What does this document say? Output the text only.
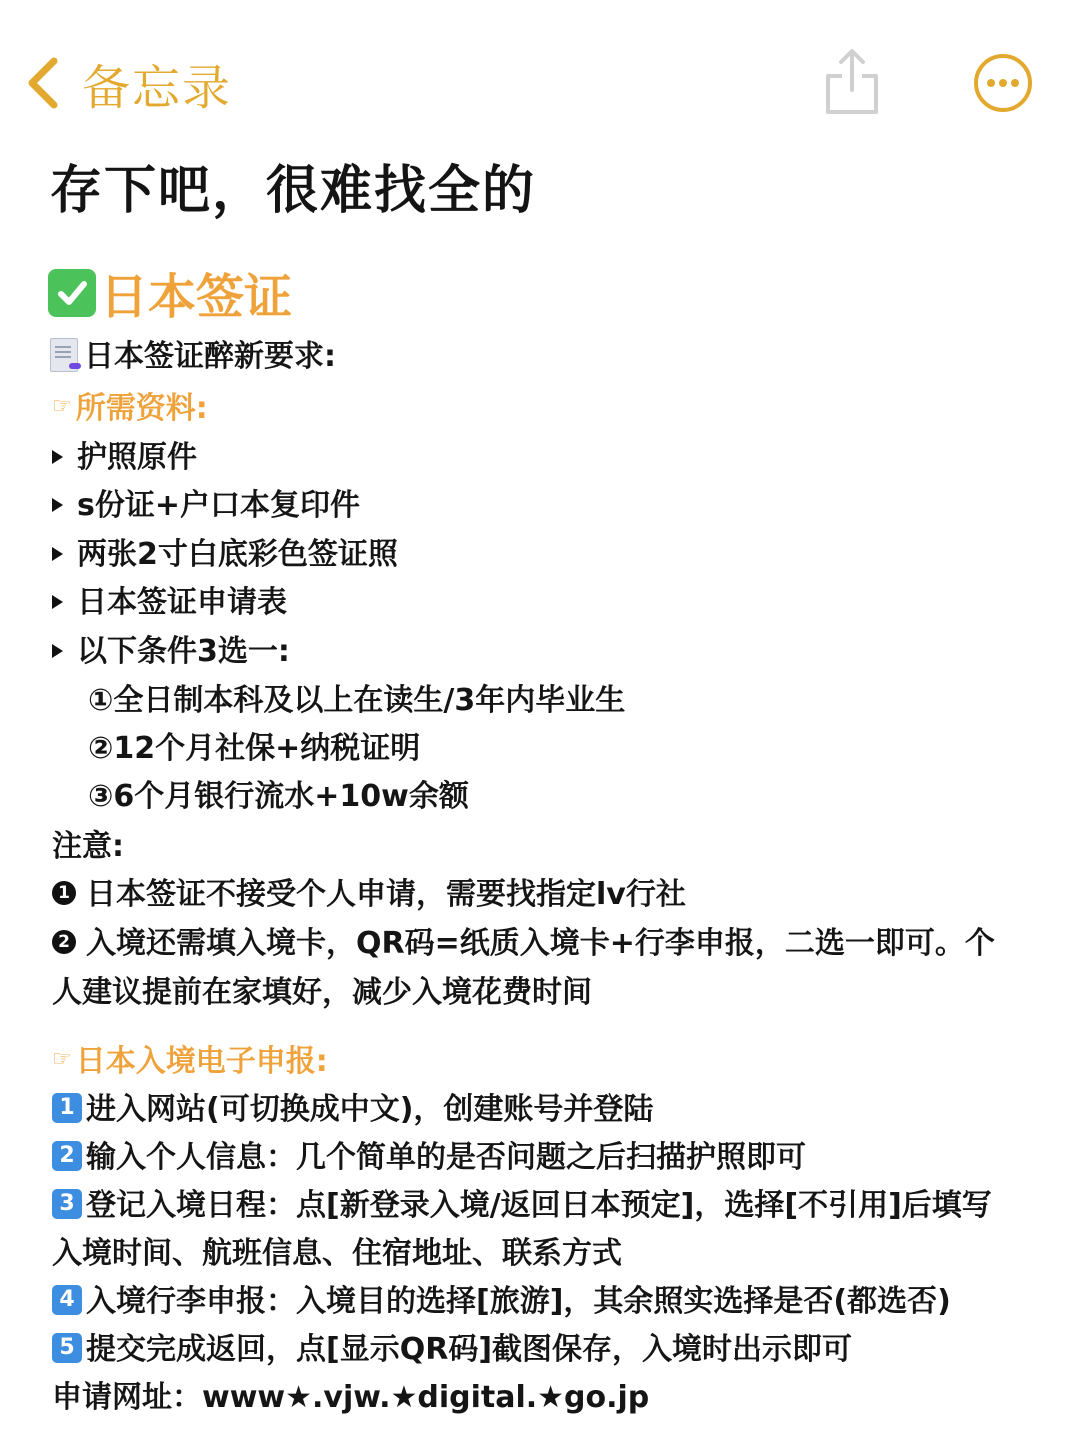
备忘录
存下吧，很难找全的
日本签证
日本签证醉新要求:
☞ 所需资料:
护照原件
s份证+户口本复印件
两张2寸白底彩色签证照
日本签证申请表
以下条件3选一:
①全日制本科及以上在读生/3年内毕业生
②12个月社保+纳税证明
③6个月银行流水+10w余额
注意:
1 日本签证不接受个人申请，需要找指定lv行社
2 入境还需填入境卡，QR码=纸质入境卡+行李申报，二选一即可。个
人建议提前在家填好，减少入境花费时间
☞ 日本入境电子申报:
1 进入网站(可切换成中文)，创建账号并登陆
2 输入个人信息：几个简单的是否问题之后扫描护照即可
3 登记入境日程：点[新登录入境/返回日本预定]，选择[不引用]后填写
入境时间、航班信息、住宿地址、联系方式
4 入境行李申报：入境目的选择[旅游]，其余照实选择是否(都选否)
5 提交完成返回，点[显示QR码]截图保存，入境时出示即可
申请网址：www★.vjw.★digital.★go.jp
